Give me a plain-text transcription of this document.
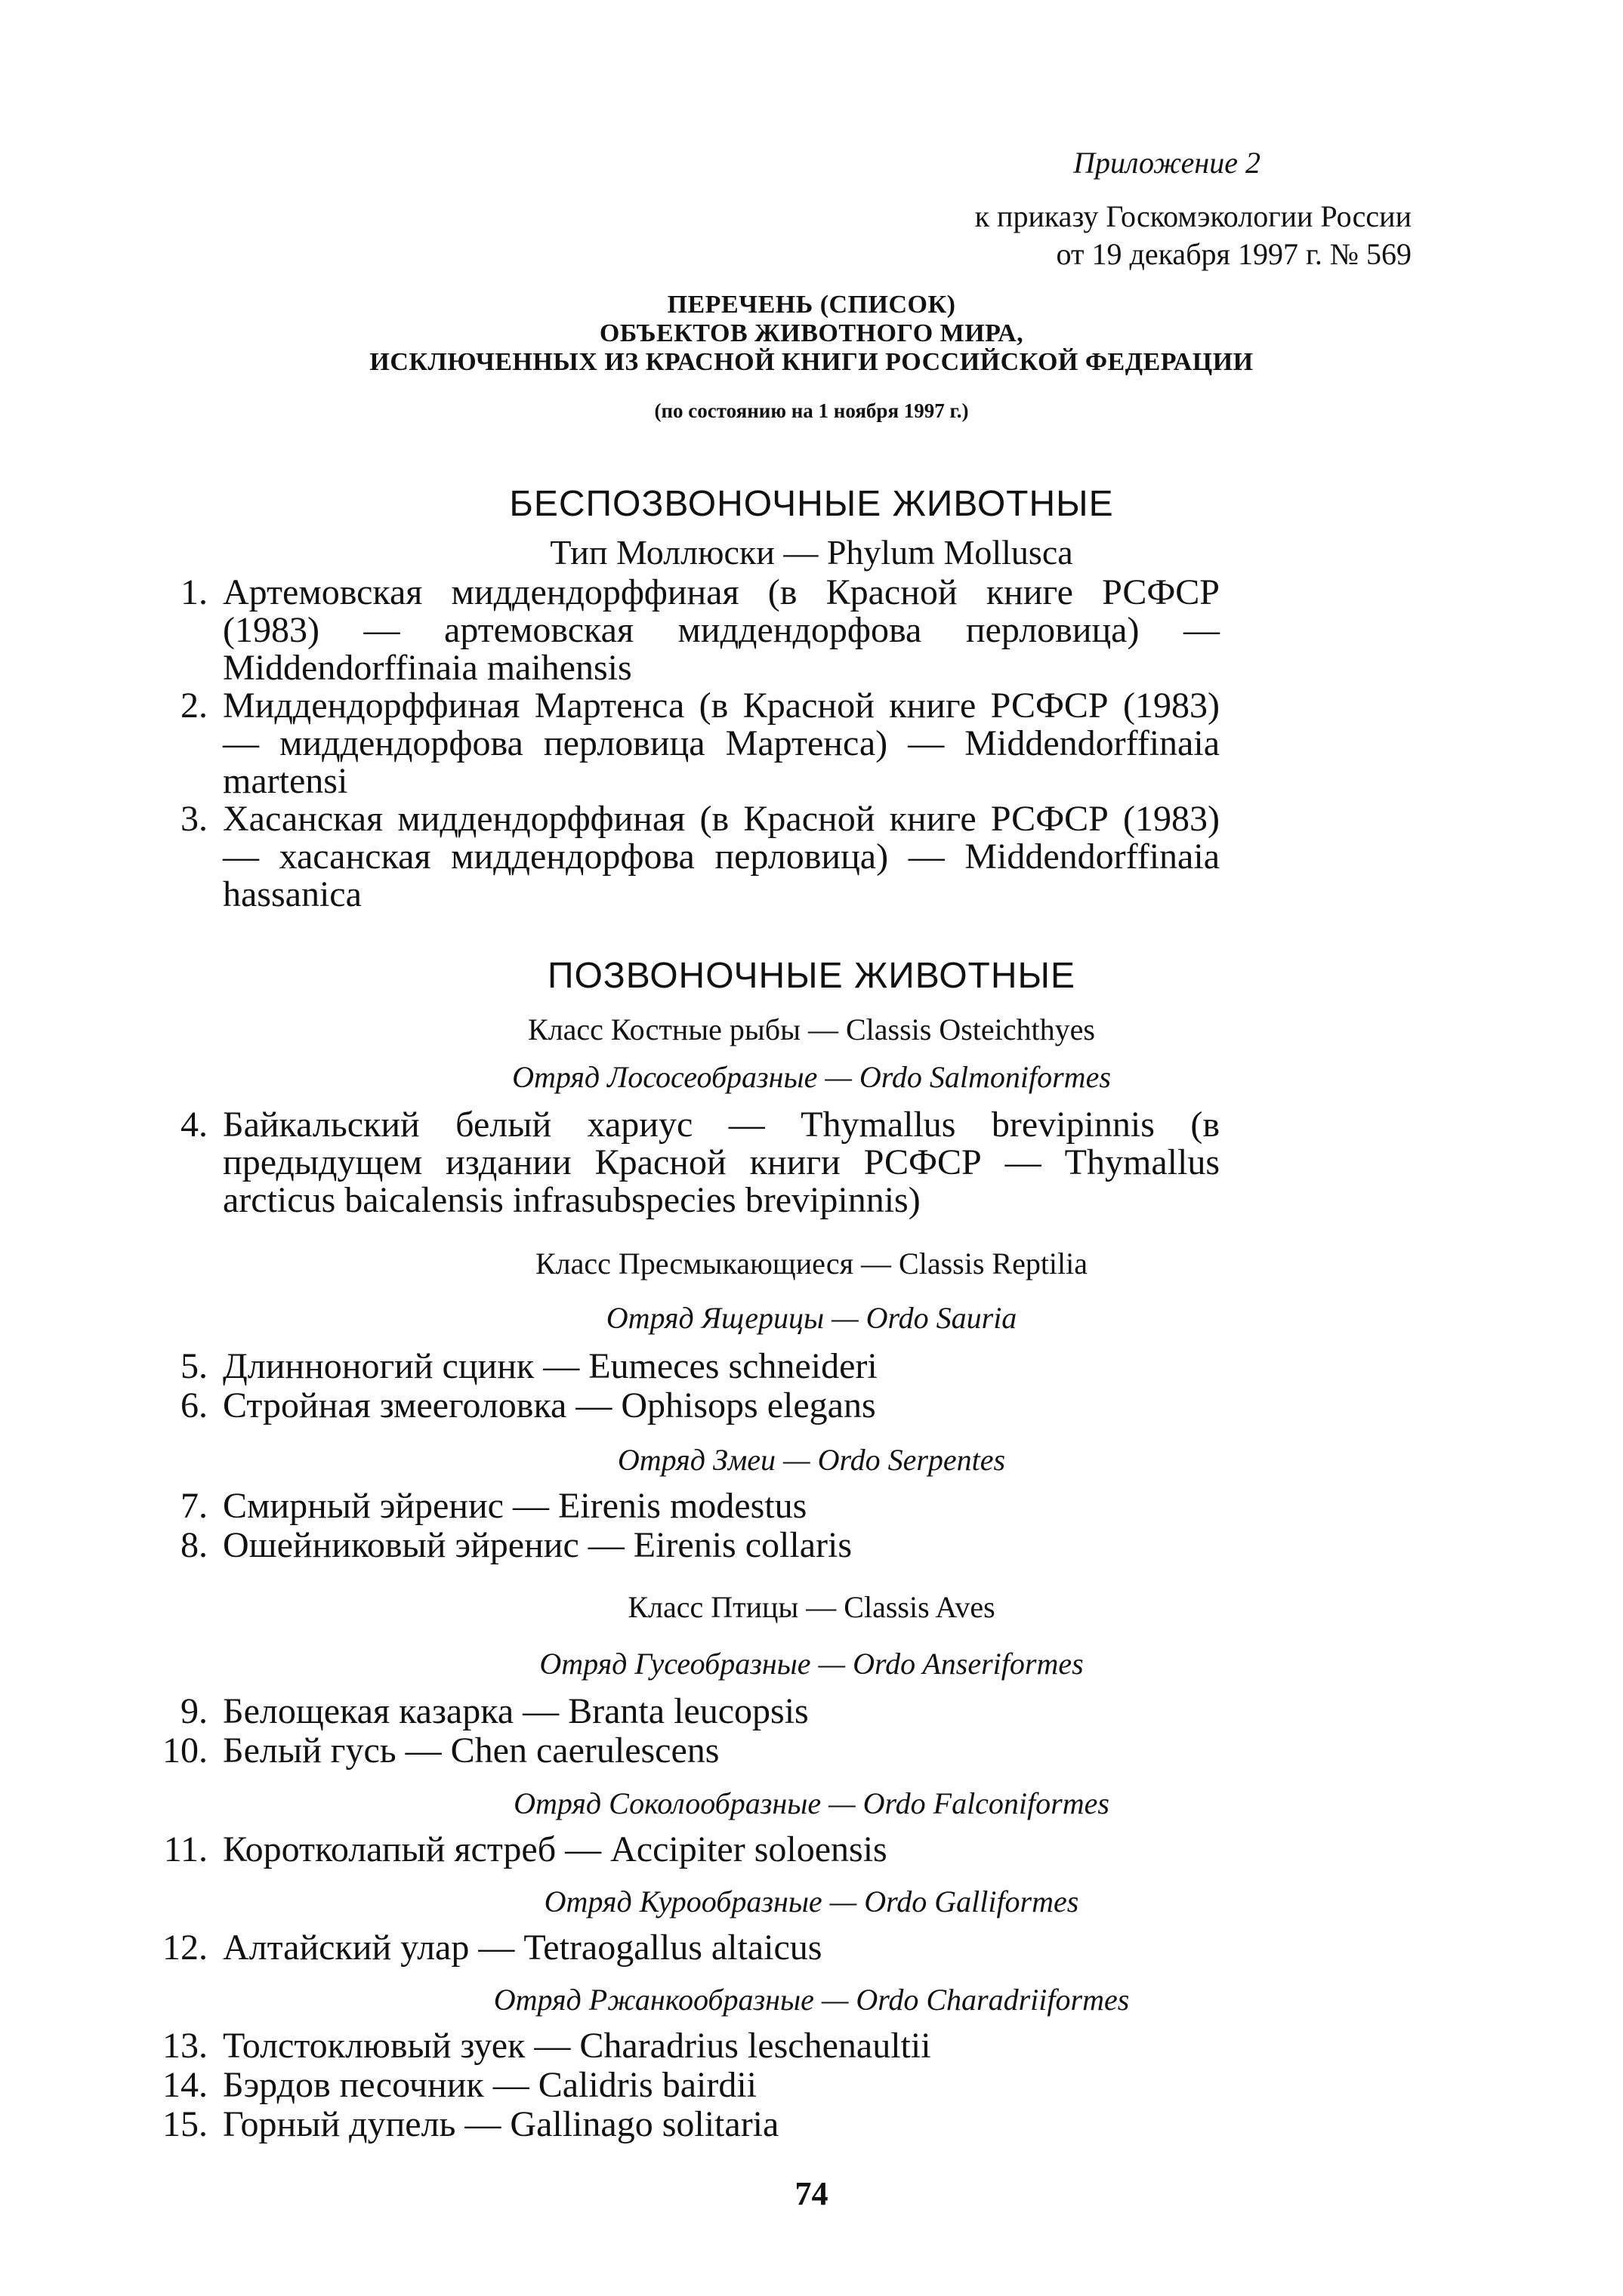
Приложение 2
к приказу Госкомэкологии России
от 19 декабря 1997 г. № 569
ПЕРЕЧЕНЬ (СПИСОК)
ОБЪЕКТОВ ЖИВОТНОГО МИРА,
ИСКЛЮЧЕННЫХ ИЗ КРАСНОЙ КНИГИ РОССИЙСКОЙ ФЕДЕРАЦИИ
(по состоянию на 1 ноября 1997 г.)
БЕСПОЗВОНОЧНЫЕ ЖИВОТНЫЕ
Тип Моллюски — Phylum Mollusca
1. Артемовская миддендорффиная (в Красной книге РСФСР (1983) — артемовская миддендорфова перловица) — Middendorffinaia maihensis
2. Миддендорффиная Мартенса (в Красной книге РСФСР (1983) — миддендорфова перловица Мартенса) — Middendorffinaia martensi
3. Хасанская миддендорффиная (в Красной книге РСФСР (1983) — хасанская миддендорфова перловица) — Middendorffinaia hassanica
ПОЗВОНОЧНЫЕ ЖИВОТНЫЕ
Класс Костные рыбы — Classis Osteichthyes
Отряд Лососеобразные — Ordo Salmoniformes
4. Байкальский белый хариус — Thymallus brevipinnis (в предыдущем издании Красной книги РСФСР — Thymallus arcticus baicalensis infrasubspecies brevipinnis)
Класс Пресмыкающиеся — Classis Reptilia
Отряд Ящерицы — Ordo Sauria
5. Длинноногий сцинк — Eumeces schneideri
6. Стройная змееголовка — Ophisops elegans
Отряд Змеи — Ordo Serpentes
7. Смирный эйренис — Eirenis modestus
8. Ошейниковый эйренис — Eirenis collaris
Класс Птицы — Classis Aves
Отряд Гусеобразные — Ordo Anseriformes
9. Белощекая казарка — Branta leucopsis
10. Белый гусь — Chen caerulescens
Отряд Соколообразные — Ordo Falconiformes
11. Коротколапый ястреб — Accipiter soloensis
Отряд Курообразные — Ordo Galliformes
12. Алтайский улар — Tetraogallus altaicus
Отряд Ржанкообразные — Ordo Charadriiformes
13. Толстоклювый зуек — Charadrius leschenaultii
14. Бэрдов песочник — Calidris bairdii
15. Горный дупель — Gallinago solitaria
74
